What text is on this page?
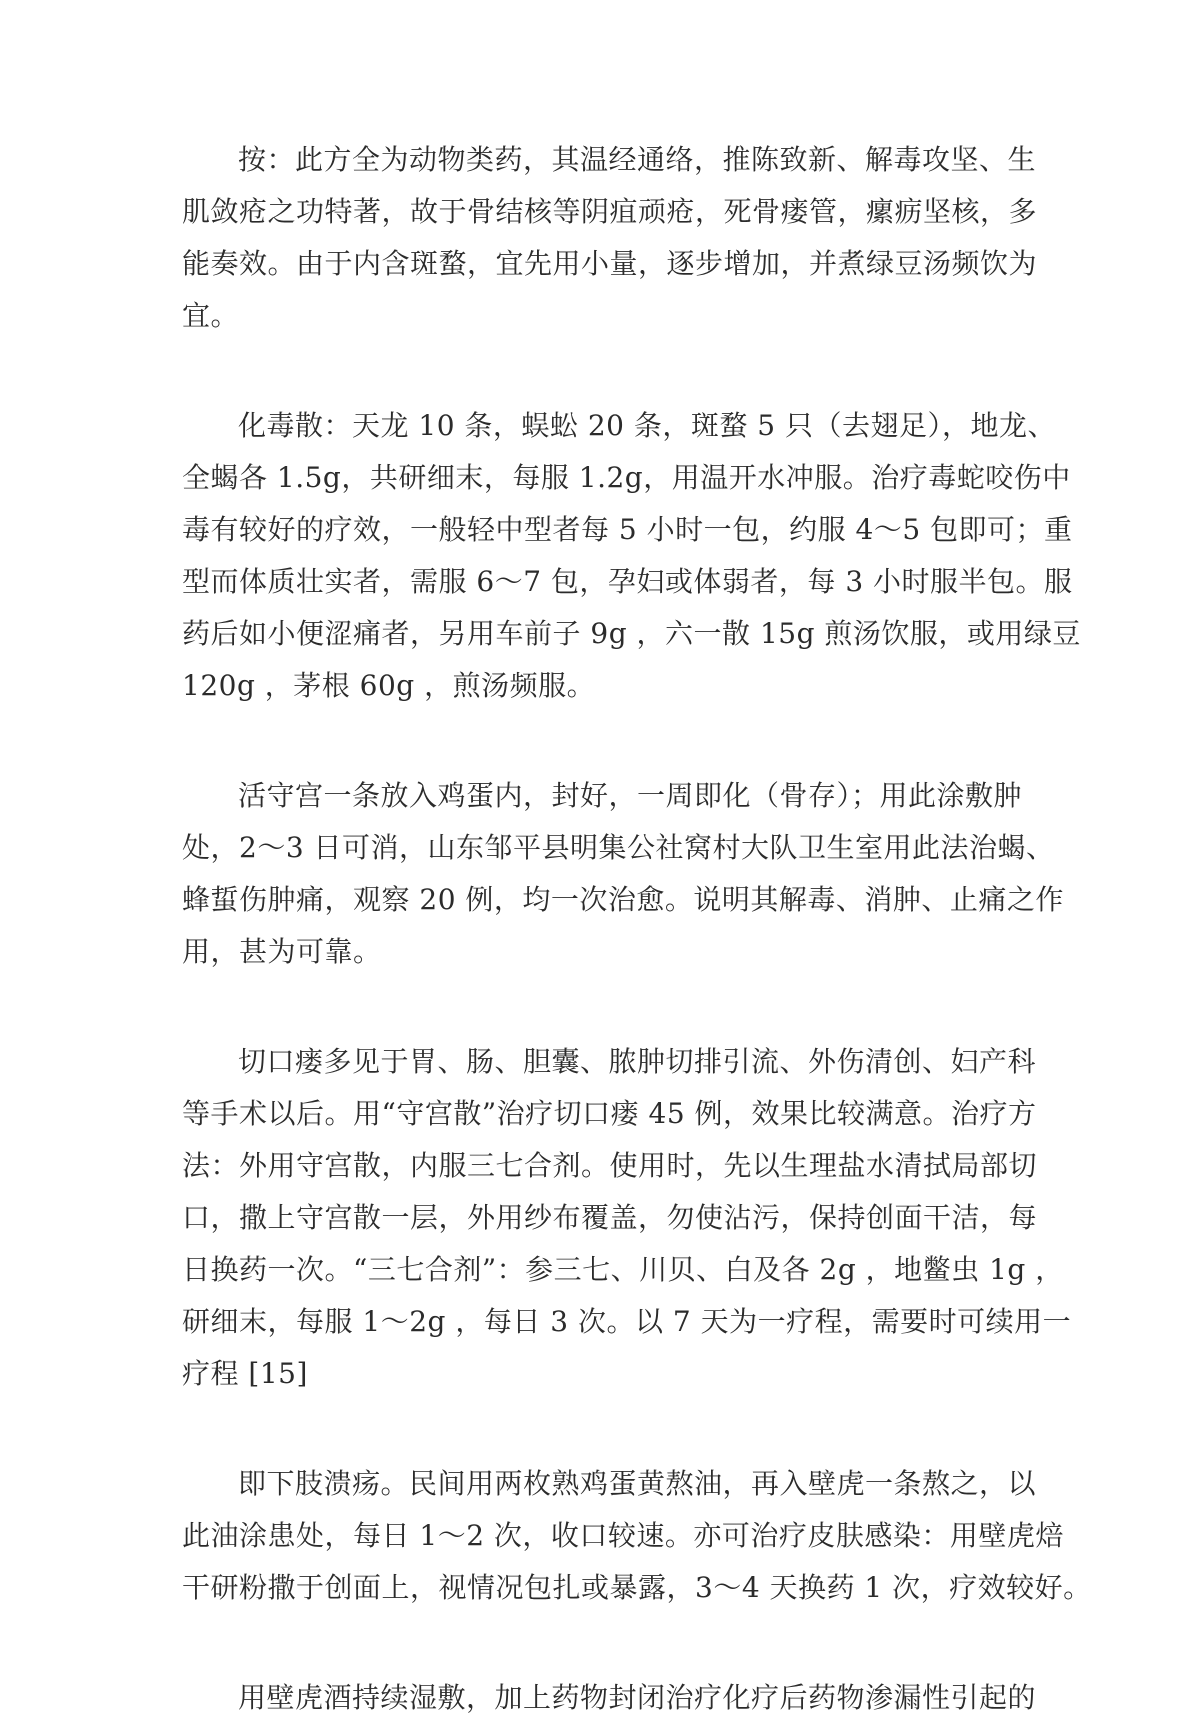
按：此方全为动物类药，其温经通络，推陈致新、解毒攻坚、生
肌敛疮之功特著，故于骨结核等阴疽顽疮，死骨瘘管，瘰疬坚核，多
能奏效。由于内含斑蝥，宜先用小量，逐步增加，并煮绿豆汤频饮为
宜。

化毒散：天龙 10 条，蜈蚣 20 条，斑蝥 5 只（去翅足），地龙、
全蝎各 1.5g，共研细末，每服 1.2g，用温开水冲服。治疗毒蛇咬伤中
毒有较好的疗效，一般轻中型者每 5 小时一包，约服 4～5 包即可；重
型而体质壮实者，需服 6～7 包，孕妇或体弱者，每 3 小时服半包。服
药后如小便涩痛者，另用车前子 9g ，六一散 15g 煎汤饮服，或用绿豆
120g ，茅根 60g ，煎汤频服。

活守宫一条放入鸡蛋内，封好，一周即化（骨存）；用此涂敷肿
处，2～3 日可消，山东邹平县明集公社窝村大队卫生室用此法治蝎、
蜂蜇伤肿痛，观察 20 例，均一次治愈。说明其解毒、消肿、止痛之作
用，甚为可靠。

切口瘘多见于胃、肠、胆囊、脓肿切排引流、外伤清创、妇产科
等手术以后。用“守宫散”治疗切口瘘 45 例，效果比较满意。治疗方
法：外用守宫散，内服三七合剂。使用时，先以生理盐水清拭局部切
口，撒上守宫散一层，外用纱布覆盖，勿使沾污，保持创面干洁，每
日换药一次。“三七合剂”：参三七、川贝、白及各 2g ，地鳖虫 1g ，
研细末，每服 1～2g ，每日 3 次。以 7 天为一疗程，需要时可续用一
疗程 [15]

即下肢溃疡。民间用两枚熟鸡蛋黄熬油，再入壁虎一条熬之，以
此油涂患处，每日 1～2 次，收口较速。亦可治疗皮肤感染：用壁虎焙
干研粉撒于创面上，视情况包扎或暴露，3～4 天换药 1 次，疗效较好。

用壁虎酒持续湿敷，加上药物封闭治疗化疗后药物渗漏性引起的
